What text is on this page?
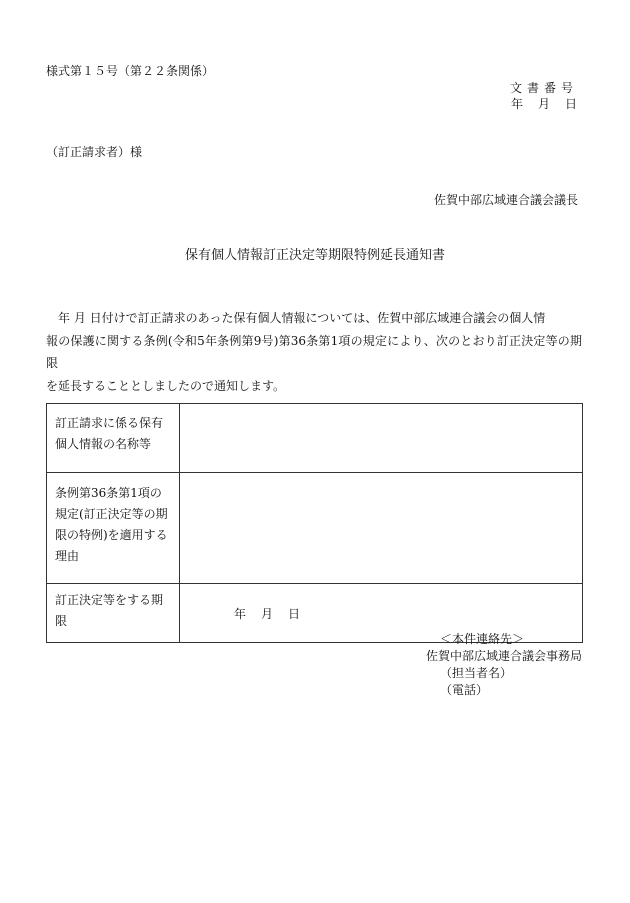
様式第１５号（第２２条関係）
文書番号
年 月 日
（訂正請求者）様
佐賀中部広域連合議会議長
保有個人情報訂正決定等期限特例延長通知書

　年 月 日付けで訂正請求のあった保有個人情報については、佐賀中部広域連合議会の個人情

報の保護に関する条例(令和5年条例第9号)第36条第1項の規定により、次のとおり訂正決定等の期限

を延長することとしましたので通知します。

訂正請求に係る保有
個人情報の名称等	

条例第36条第1項の
規定(訂正決定等の期
限の特例)を適用する
理由	

訂正決定等をする期
限	年 月 日
＜本件連絡先＞
佐賀中部広域連合議会事務局
（担当者名）
（電話）
